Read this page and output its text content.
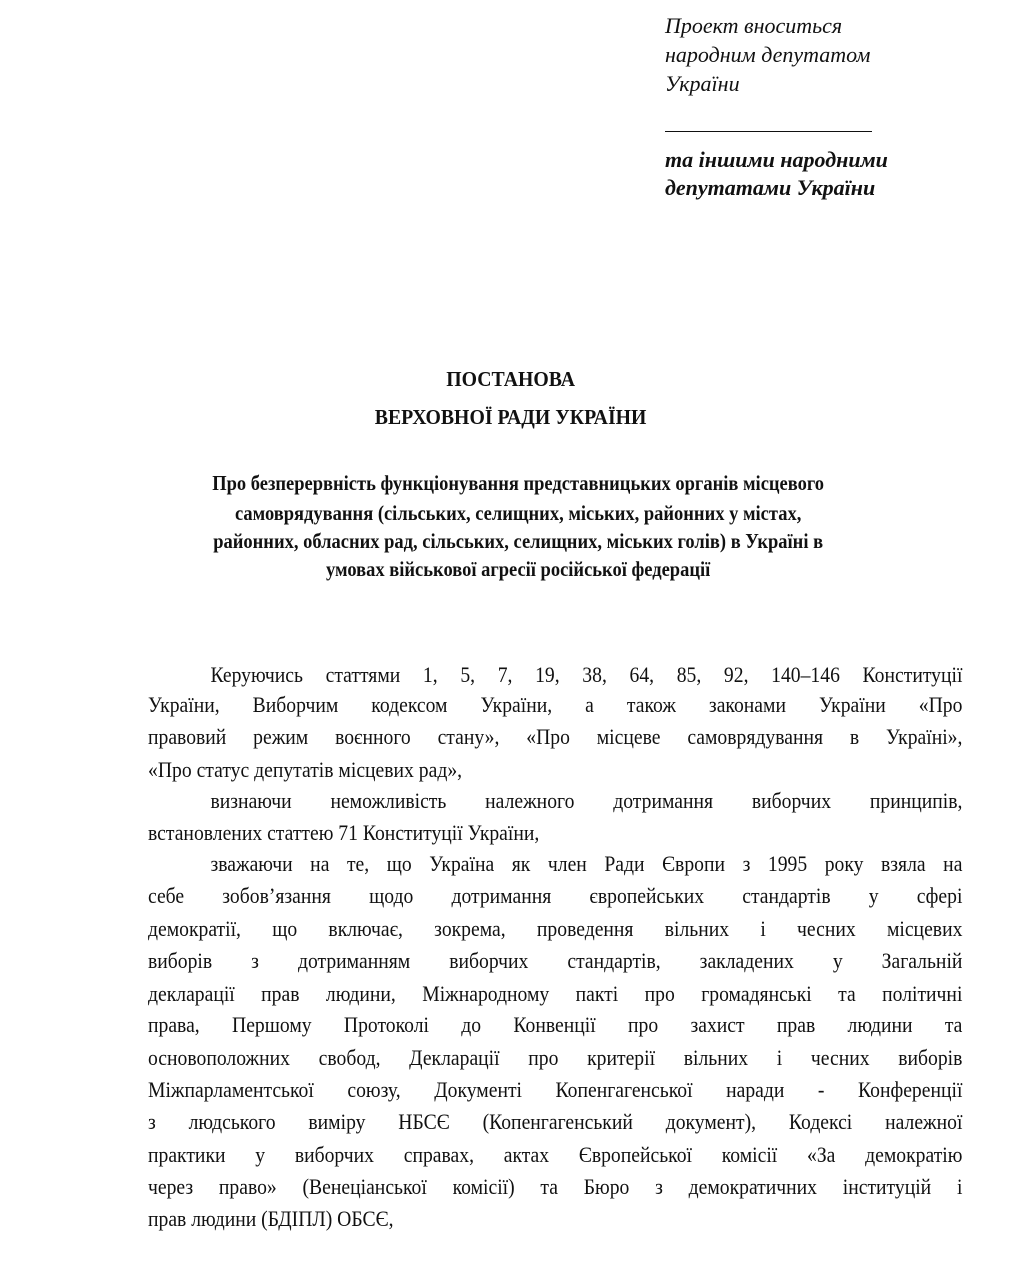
Проект вноситься
народним депутатом
України
та іншими народними
депутатами України
ПОСТАНОВА
ВЕРХОВНОЇ РАДИ УКРАЇНИ
Про безперервність функціонування представницьких органів місцевого
самоврядування (сільських, селищних, міських, районних у містах,
районних, обласних рад, сільських, селищних, міських голів) в Україні в
умовах військової агресії російської федерації
Керуючись статтями 1, 5, 7, 19, 38, 64, 85, 92, 140–146 Конституції
України, Виборчим кодексом України, а також законами України «Про
правовий режим воєнного стану», «Про місцеве самоврядування в Україні»,
«Про статус депутатів місцевих рад»,
визнаючи неможливість належного дотримання виборчих принципів,
встановлених статтею 71 Конституції України,
зважаючи на те, що Україна як член Ради Європи з 1995 року взяла на
себе зобов’язання щодо дотримання європейських стандартів у сфері
демократії, що включає, зокрема, проведення вільних і чесних місцевих
виборів з дотриманням виборчих стандартів, закладених у Загальній
декларації прав людини, Міжнародному пакті про громадянські та політичні
права, Першому Протоколі до Конвенції про захист прав людини та
основоположних свобод, Декларації про критерії вільних і чесних виборів
Міжпарламентської союзу, Документі Копенгагенської наради - Конференції
з людського виміру НБСЄ (Копенгагенський документ), Кодексі належної
практики у виборчих справах, актах Європейської комісії «За демократію
через право» (Венеціанської комісії) та Бюро з демократичних інституцій і
прав людини (БДІПЛ) ОБСЄ,
